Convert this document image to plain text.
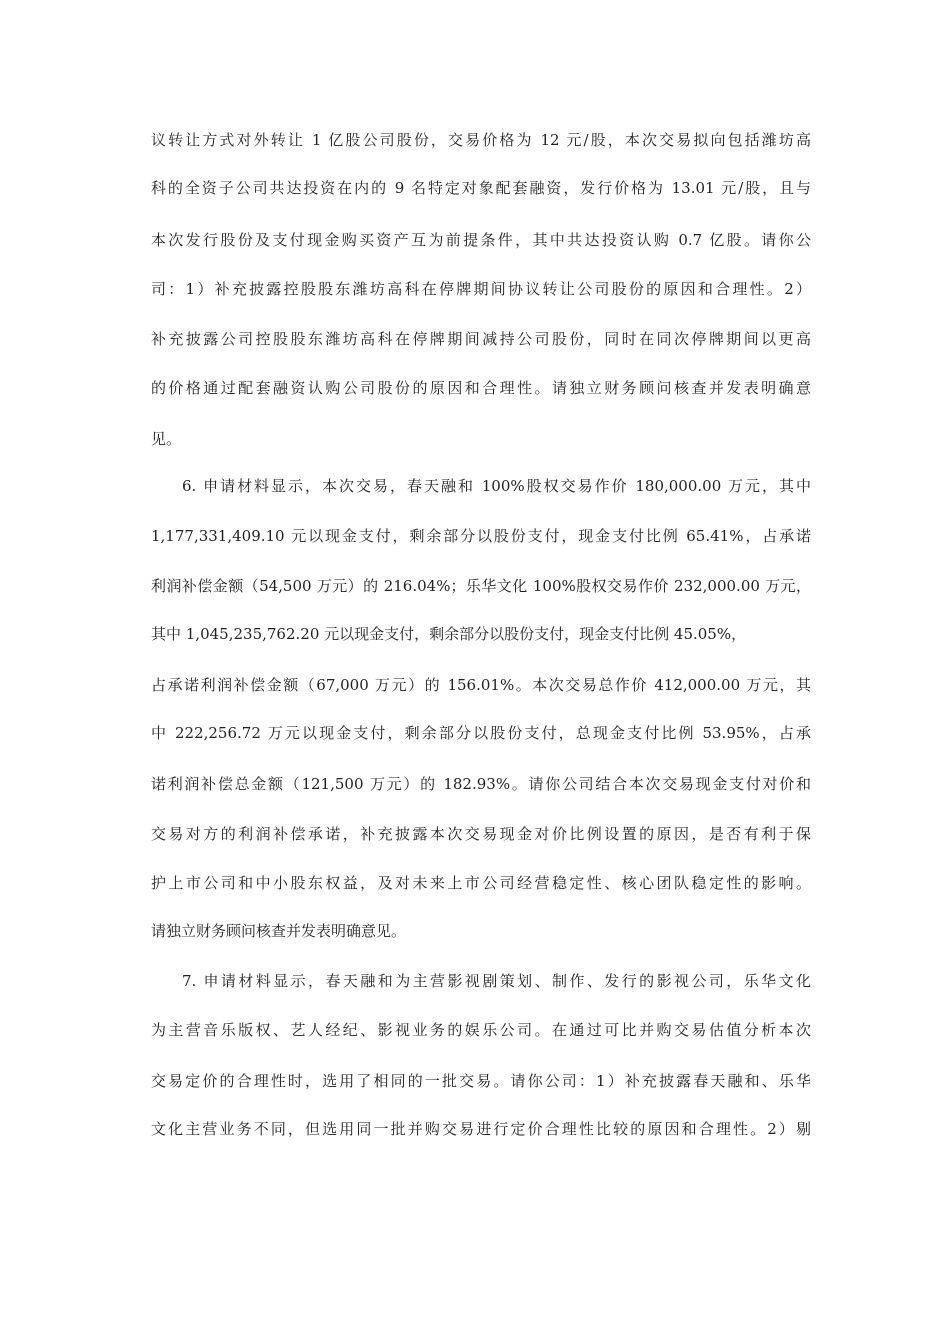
议转让方式对外转让 1 亿股公司股份，交易价格为 12 元/股，本次交易拟向包括潍坊高
科的全资子公司共达投资在内的 9 名特定对象配套融资，发行价格为 13.01 元/股，且与
本次发行股份及支付现金购买资产互为前提条件，其中共达投资认购 0.7 亿股。请你公
司：1）补充披露控股股东潍坊高科在停牌期间协议转让公司股份的原因和合理性。2）
补充披露公司控股股东潍坊高科在停牌期间减持公司股份，同时在同次停牌期间以更高
的价格通过配套融资认购公司股份的原因和合理性。请独立财务顾问核查并发表明确意
见。
6. 申请材料显示，本次交易，春天融和 100%股权交易作价 180,000.00 万元，其中
1,177,331,409.10 元以现金支付，剩余部分以股份支付，现金支付比例 65.41%，占承诺
利润补偿金额（54,500 万元）的 216.04%；乐华文化 100%股权交易作价 232,000.00 万元，
其中 1,045,235,762.20 元以现金支付，剩余部分以股份支付，现金支付比例 45.05%，
占承诺利润补偿金额（67,000 万元）的 156.01%。本次交易总作价 412,000.00 万元，其
中 222,256.72 万元以现金支付，剩余部分以股份支付，总现金支付比例 53.95%，占承
诺利润补偿总金额（121,500 万元）的 182.93%。请你公司结合本次交易现金支付对价和
交易对方的利润补偿承诺，补充披露本次交易现金对价比例设置的原因，是否有利于保
护上市公司和中小股东权益，及对未来上市公司经营稳定性、核心团队稳定性的影响。
请独立财务顾问核查并发表明确意见。
7. 申请材料显示，春天融和为主营影视剧策划、制作、发行的影视公司，乐华文化
为主营音乐版权、艺人经纪、影视业务的娱乐公司。在通过可比并购交易估值分析本次
交易定价的合理性时，选用了相同的一批交易。请你公司：1）补充披露春天融和、乐华
文化主营业务不同，但选用同一批并购交易进行定价合理性比较的原因和合理性。2）剔
